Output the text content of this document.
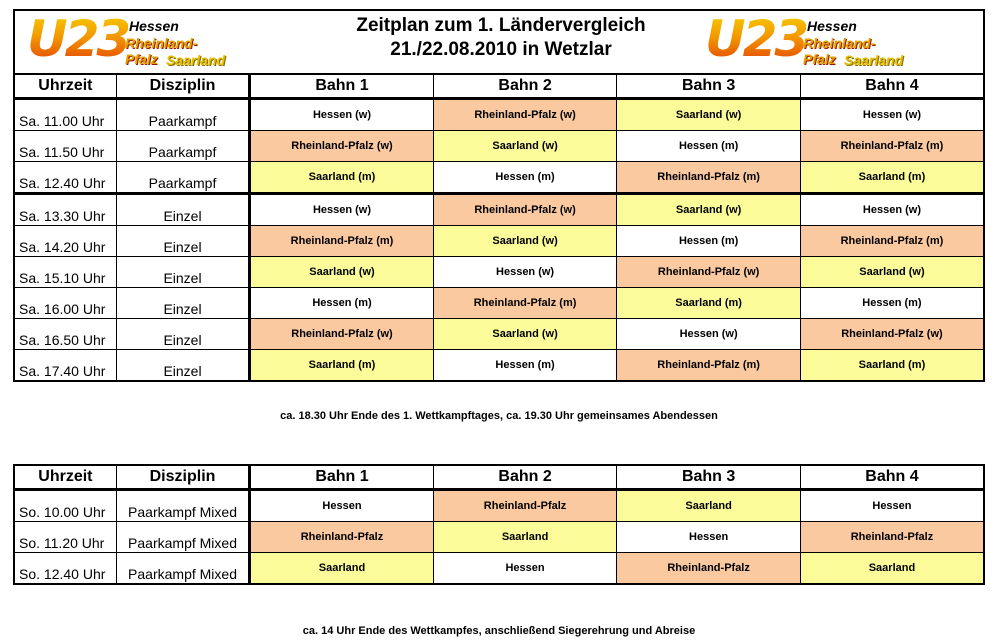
U23 Hessen
Rheinland-Pfalz Saarland
Zeitplan zum 1. Ländervergleich
21./22.08.2010 in Wetzlar	U23 Hessen
Rheinland-Pfalz Saarland
Uhrzeit	Disziplin	Bahn 1	Bahn 2	Bahn 3	Bahn 4
Sa. 11.00 Uhr	Paarkampf	Hessen (w)	Rheinland-Pfalz (w)	Saarland (w)	Hessen (w)
Sa. 11.50 Uhr	Paarkampf	Rheinland-Pfalz (w)	Saarland (w)	Hessen (m)	Rheinland-Pfalz (m)
Sa. 12.40 Uhr	Paarkampf	Saarland (m)	Hessen (m)	Rheinland-Pfalz (m)	Saarland (m)
Sa. 13.30 Uhr	Einzel	Hessen (w)	Rheinland-Pfalz (w)	Saarland (w)	Hessen (w)
Sa. 14.20 Uhr	Einzel	Rheinland-Pfalz (m)	Saarland (w)	Hessen (m)	Rheinland-Pfalz (m)
Sa. 15.10 Uhr	Einzel	Saarland (w)	Hessen (w)	Rheinland-Pfalz (w)	Saarland (w)
Sa. 16.00 Uhr	Einzel	Hessen (m)	Rheinland-Pfalz (m)	Saarland (m)	Hessen (m)
Sa. 16.50 Uhr	Einzel	Rheinland-Pfalz (w)	Saarland (w)	Hessen (w)	Rheinland-Pfalz (w)
Sa. 17.40 Uhr	Einzel	Saarland (m)	Hessen (m)	Rheinland-Pfalz (m)	Saarland (m)
ca. 18.30 Uhr Ende des 1. Wettkampftages, ca. 19.30 Uhr gemeinsames Abendessen
Uhrzeit	Disziplin	Bahn 1	Bahn 2	Bahn 3	Bahn 4
So. 10.00 Uhr	Paarkampf Mixed	Hessen	Rheinland-Pfalz	Saarland	Hessen
So. 11.20 Uhr	Paarkampf Mixed	Rheinland-Pfalz	Saarland	Hessen	Rheinland-Pfalz
So. 12.40 Uhr	Paarkampf Mixed	Saarland	Hessen	Rheinland-Pfalz	Saarland
ca. 14 Uhr Ende des Wettkampfes, anschließend Siegerehrung und Abreise
